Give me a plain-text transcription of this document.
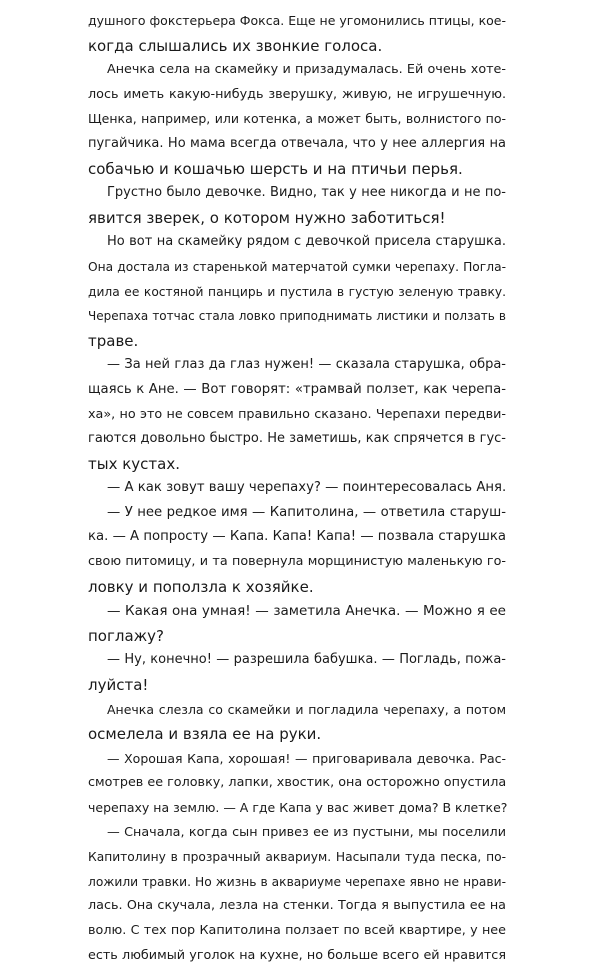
душного фокстерьера Фокса. Еще не угомонились птицы, кое-
когда слышались их звонкие голоса.
Анечка села на скамейку и призадумалась. Ей очень хоте-
лось иметь какую-нибудь зверушку, живую, не игрушечную.
Щенка, например, или котенка, а может быть, волнистого по-
пугайчика. Но мама всегда отвечала, что у нее аллергия на
собачью и кошачью шерсть и на птичьи перья.
Грустно было девочке. Видно, так у нее никогда и не по-
явится зверек, о котором нужно заботиться!
Но вот на скамейку рядом с девочкой присела старушка.
Она достала из старенькой матерчатой сумки черепаху. Погла-
дила ее костяной панцирь и пустила в густую зеленую травку.
Черепаха тотчас стала ловко приподнимать листики и ползать в
траве.
— За ней глаз да глаз нужен! — сказала старушка, обра-
щаясь к Ане. — Вот говорят: «трамвай ползет, как черепа-
ха», но это не совсем правильно сказано. Черепахи передви-
гаются довольно быстро. Не заметишь, как спрячется в гус-
тых кустах.
— А как зовут вашу черепаху? — поинтересовалась Аня.
— У нее редкое имя — Капитолина, — ответила старуш-
ка. — А попросту — Капа. Капа! Капа! — позвала старушка
свою питомицу, и та повернула морщинистую маленькую го-
ловку и поползла к хозяйке.
— Какая она умная! — заметила Анечка. — Можно я ее
поглажу?
— Ну, конечно! — разрешила бабушка. — Погладь, пожа-
луйста!
Анечка слезла со скамейки и погладила черепаху, а потом
осмелела и взяла ее на руки.
— Хорошая Капа, хорошая! — приговаривала девочка. Рас-
смотрев ее головку, лапки, хвостик, она осторожно опустила
черепаху на землю. — А где Капа у вас живет дома? В клетке?
— Сначала, когда сын привез ее из пустыни, мы поселили
Капитолину в прозрачный аквариум. Насыпали туда песка, по-
ложили травки. Но жизнь в аквариуме черепахе явно не нрави-
лась. Она скучала, лезла на стенки. Тогда я выпустила ее на
волю. С тех пор Капитолина ползает по всей квартире, у нее
есть любимый уголок на кухне, но больше всего ей нравится
